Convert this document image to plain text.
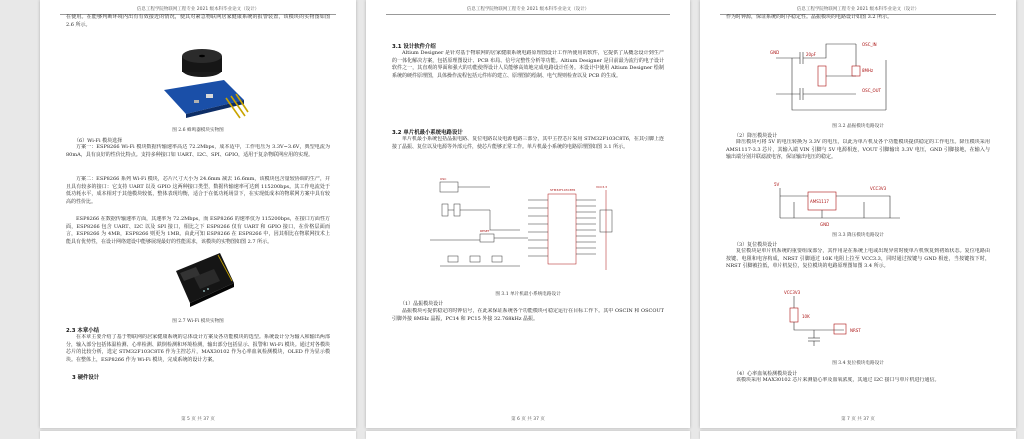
信息工程学院物联网工程专业 2021 级本科毕业论文（设计）
在使用。在能够判断环境内出有有效接近的情况，使其对紧急物联网居家健康系统的报警装置，该模块的实物图如图 2.6 所示。
图 2.6 蜂鸣器模块实物图
（6）Wi-Fi 模块选择
方案一：ESP8266 Wi-Fi 模块数据传输速率高达 72.2Mbps，成本适中，工作电压为 3.3V~3.6V，典型电流为 80mA，具有良好的性价比特点。支持多种接口如 UART、I2C、SPI、GPIO，适用于复杂物联网应用的实现。
方案二：ESP8266 系列 Wi-Fi 模块，芯片尺寸大小为 24.6mm 减去 16.6mm，该模块包含量较协调的生产，并且具有较多的接口：它支持 UART 以及 GPIO 这两种接口类型，数据传输速率可达到 115200bps。其工作电流处于低功耗水平，成本相对于其他模块较低，整体表现均衡，适合于在低功耗场景下，在实现低成本的物联网方案中具有较高的性价比。
ESP8266 在数据传输速率方面，其速率为 72.2Mbps，而 ESP8266 的速率仅为 115200bps，在接口方面性方面，ESP8266 包含 UART、I2C 以及 SPI 接口，相比之下 ESP8266 仅有 UART 和 GPIO 接口，在价格层面而言，ESP8266 为 4MB，ESP8266 则更为 1MB。由此可知 ESP8266 在 ESP8266 中，因其相比在物联网技术上能具有优势性，在设计网络建设中能够展现最好的性能需求，该模块的实物图如图 2.7 所示。
图 2.7 Wi-Fi 模块实物图
2.3 本章小结
在本章主要介绍了基于物联网的居家健康系统的总体设计方案及各功能模块的选型。系统设计分为输入和输出两部分，输入部分包括体温检测、心率检测、跌倒检测和环境检测，输出部分包括显示、报警和 Wi-Fi 模块。通过对各模块芯片的比较分析，选定 STM32F103C8T6 作为主控芯片，MAX30102 作为心率血氧检测模块，OLED 作为显示模块。在整体上，ESP8266 作为 Wi-Fi 模块，完成系统的设计方案。
3 硬件设计
第 5 页 共 37 页
信息工程学院物联网工程专业 2021 级本科毕业论文（设计）
3.1 设计软件介绍
Altium Designer 是针对基于物联网的居家健康系统电路原理图设计工作所使用的软件，它提供了从概念设计到生产的一体化解决方案，包括原理图设计、PCB 布局、信号完整性分析等功能。Altium Designer 是目前最为流行的电子设计软件之一，其直观的界面和强大的功能使得设计人员能够高效地完成电路设计任务。本设计中使用 Altium Designer 绘制系统的硬件原理图，具体操作流程包括元件库的建立、原理图的绘制、电气规则检查以及 PCB 的生成。
3.2 单片机最小系统电路设计
单片机最小系统包括晶振电路、复位电路以及电源电路三部分，其中主控芯片采用 STM32F103C8T6，在其引脚上连接了晶振、复位以及电源等外部元件，使芯片能够正常工作。单片机最小系统的电路原理图如图 3.1 所示。
STM32F103C8T6
OSC
RESET
VCC3.3
图 3.1 单片机最小系统电路设计
（1）晶振模块设计
晶振模块可提供稳定的时钟信号，在此来保证系统各个功能模块可稳定运行在目标工作下。其中 OSCIN 和 OSCOUT 引脚外接 8MHz 晶振，PC14 和 PC15 外接 32.768kHz 晶振。
第 6 页 共 37 页
信息工程学院物联网工程专业 2021 级本科毕业论文（设计）
作为时钟源，保证系统的时序稳定性。晶振模块的电路设计如图 3.2 所示。
GND
OSC_IN
8MHz
OSC_OUT
20pF
图 3.2 晶振模块电路设计
（2）降压模块设计
降压模块可将 5V 的电压转换为 3.3V 的电压，以此为单片机及各个功能模块提供稳定的工作电压。降压模块采用 AMS1117-3.3 芯片，其输入端 VIN 引脚与 5V 电源相连，VOUT 引脚输出 3.3V 电压，GND 引脚接地，在输入与输出端分别并联滤波电容，保证输出电压的稳定。
5V
VCC3V3
AMS1117
GND
图 3.3 降压模块电路设计
（3）复位模块设计
复位模块是单片机系统的重要组成部分，其作用是在系统上电或出现异常时使单片机恢复到初始状态。复位电路由按键、电阻和电容构成，NRST 引脚通过 10K 电阻上拉至 VCC3.3，同时通过按键与 GND 相连，当按键按下时，NRST 引脚被拉低，单片机复位，复位模块的电路原理图如图 3.4 所示。
VCC3V3
NRST
10K
图 3.4 复位模块电路设计
（4）心率血氧检测模块设计
该模块采用 MAX30102 芯片来测量心率及血氧浓度，其通过 I2C 接口与单片机进行通信。
第 7 页 共 37 页
